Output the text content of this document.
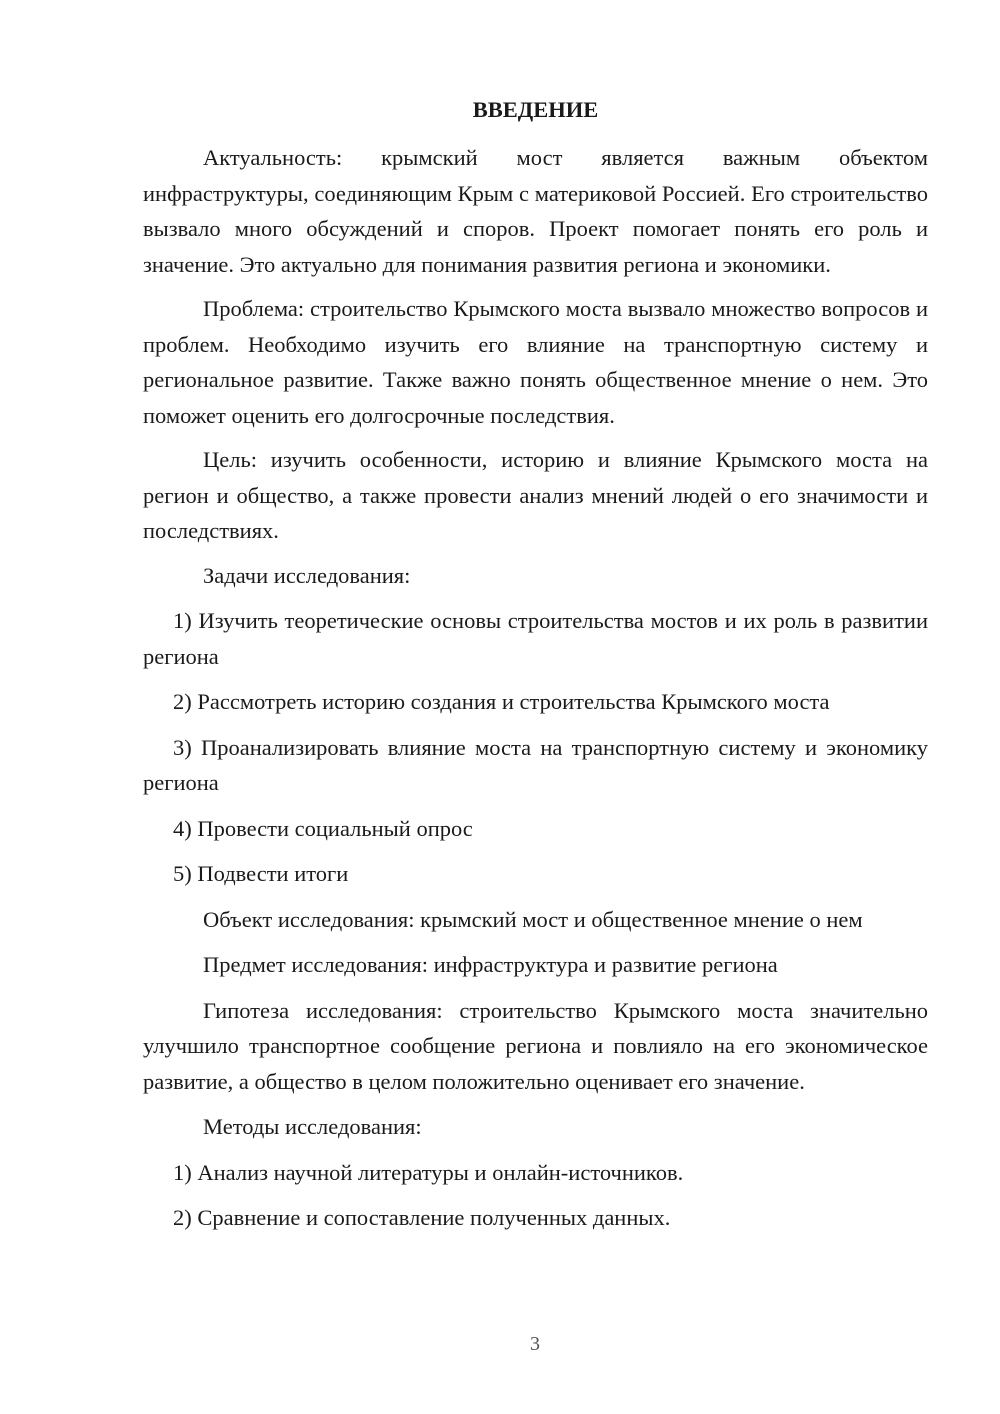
ВВЕДЕНИЕ

Актуальность: крымский мост является важным объектом инфраструктуры, соединяющим Крым с материковой Россией. Его строительство вызвало много обсуждений и споров. Проект помогает понять его роль и значение. Это актуально для понимания развития региона и экономики.

Проблема: строительство Крымского моста вызвало множество вопросов и проблем. Необходимо изучить его влияние на транспортную систему и региональное развитие. Также важно понять общественное мнение о нем. Это поможет оценить его долгосрочные последствия.

Цель: изучить особенности, историю и влияние Крымского моста на регион и общество, а также провести анализ мнений людей о его значимости и последствиях.

Задачи исследования:

1) Изучить теоретические основы строительства мостов и их роль в развитии региона

2) Рассмотреть историю создания и строительства Крымского моста

3) Проанализировать влияние моста на транспортную систему и экономику региона

4) Провести социальный опрос

5) Подвести итоги

Объект исследования: крымский мост и общественное мнение о нем

Предмет исследования: инфраструктура и развитие региона

Гипотеза исследования: строительство Крымского моста значительно улучшило транспортное сообщение региона и повлияло на его экономическое развитие, а общество в целом положительно оценивает его значение.

Методы исследования:

1) Анализ научной литературы и онлайн-источников.

2) Сравнение и сопоставление полученных данных.

3
